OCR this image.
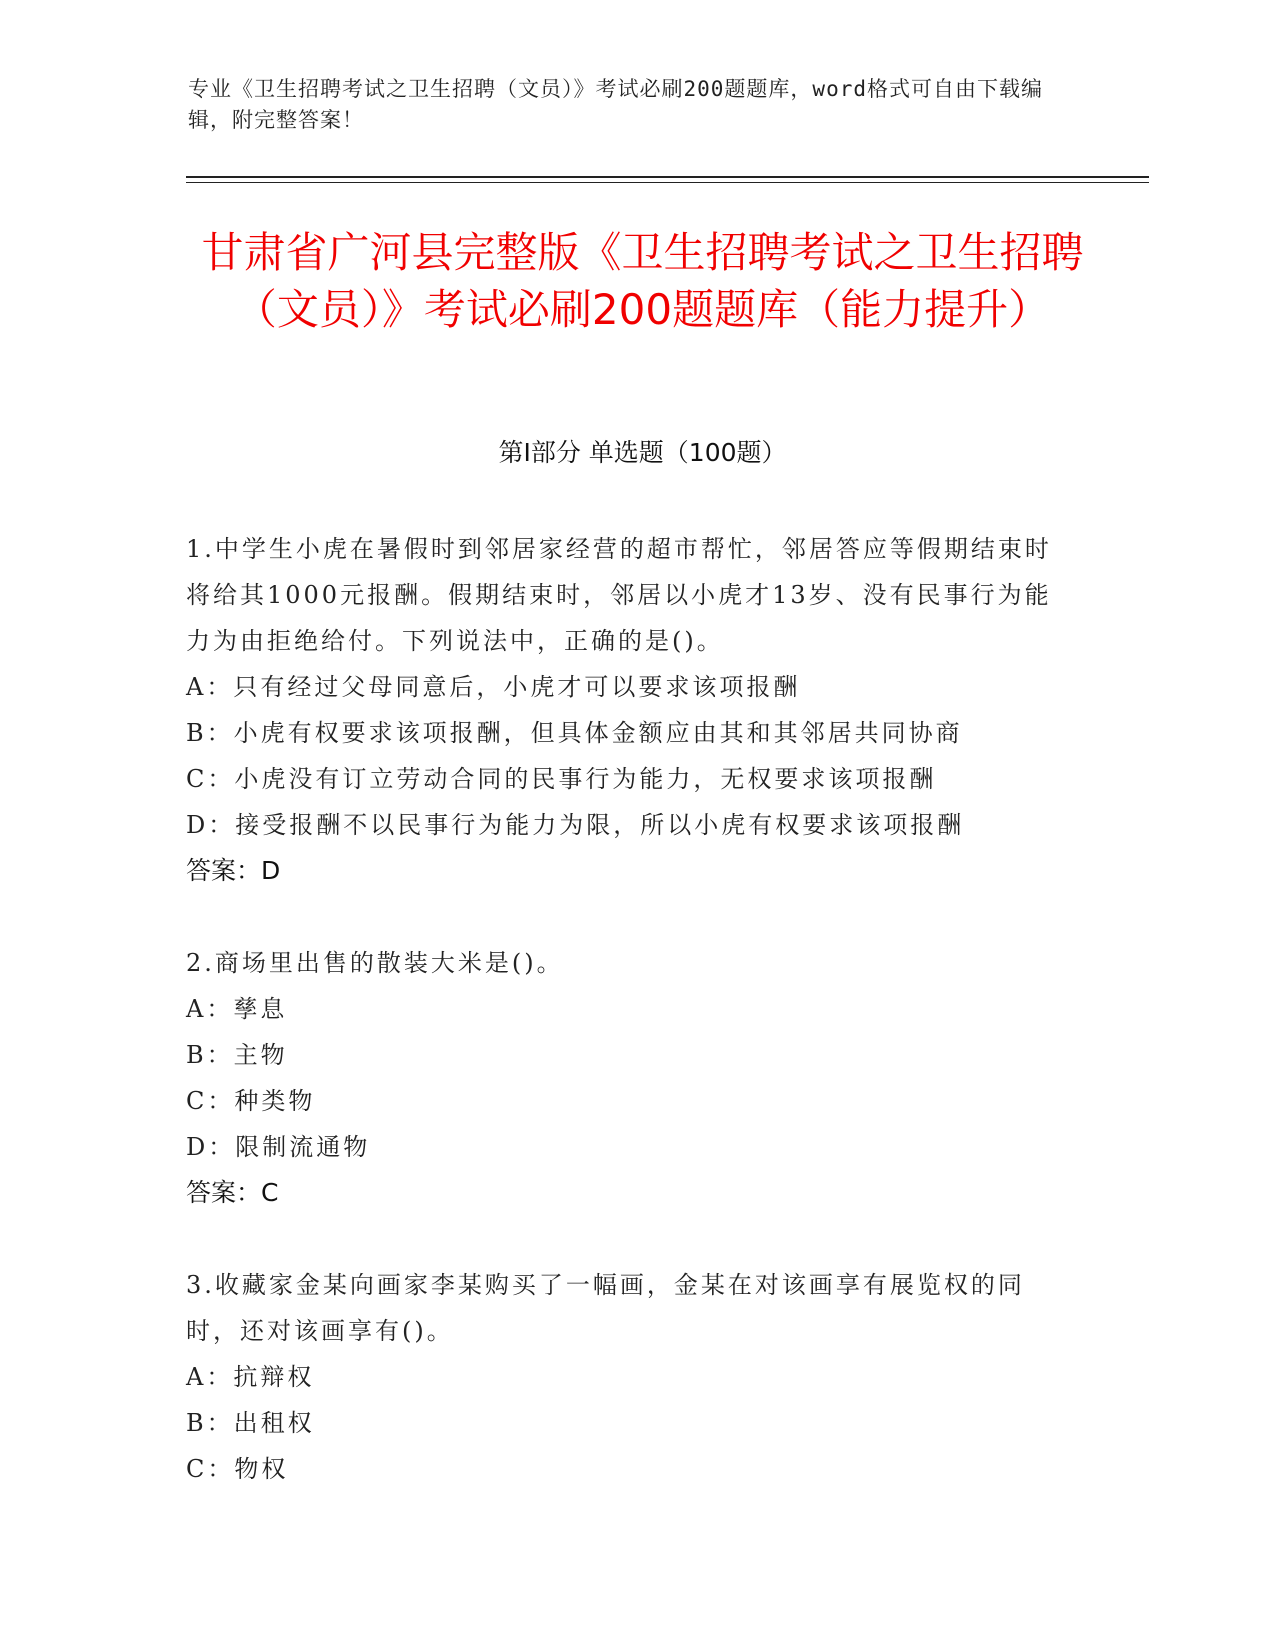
专业《卫生招聘考试之卫生招聘（文员）》考试必刷200题题库，word格式可自由下载编辑，附完整答案！
甘肃省广河县完整版《卫生招聘考试之卫生招聘（文员）》考试必刷200题题库（能力提升）
第I部分 单选题（100题）

1.中学生小虎在暑假时到邻居家经营的超市帮忙，邻居答应等假期结束时将给其1000元报酬。假期结束时，邻居以小虎才13岁、没有民事行为能力为由拒绝给付。下列说法中，正确的是()。

A：只有经过父母同意后，小虎才可以要求该项报酬

B：小虎有权要求该项报酬，但具体金额应由其和其邻居共同协商

C：小虎没有订立劳动合同的民事行为能力，无权要求该项报酬

D：接受报酬不以民事行为能力为限，所以小虎有权要求该项报酬

答案：D

2.商场里出售的散装大米是()。

A：孳息

B：主物

C：种类物

D：限制流通物

答案：C

3.收藏家金某向画家李某购买了一幅画，金某在对该画享有展览权的同时，还对该画享有()。

A：抗辩权

B：出租权

C：物权
